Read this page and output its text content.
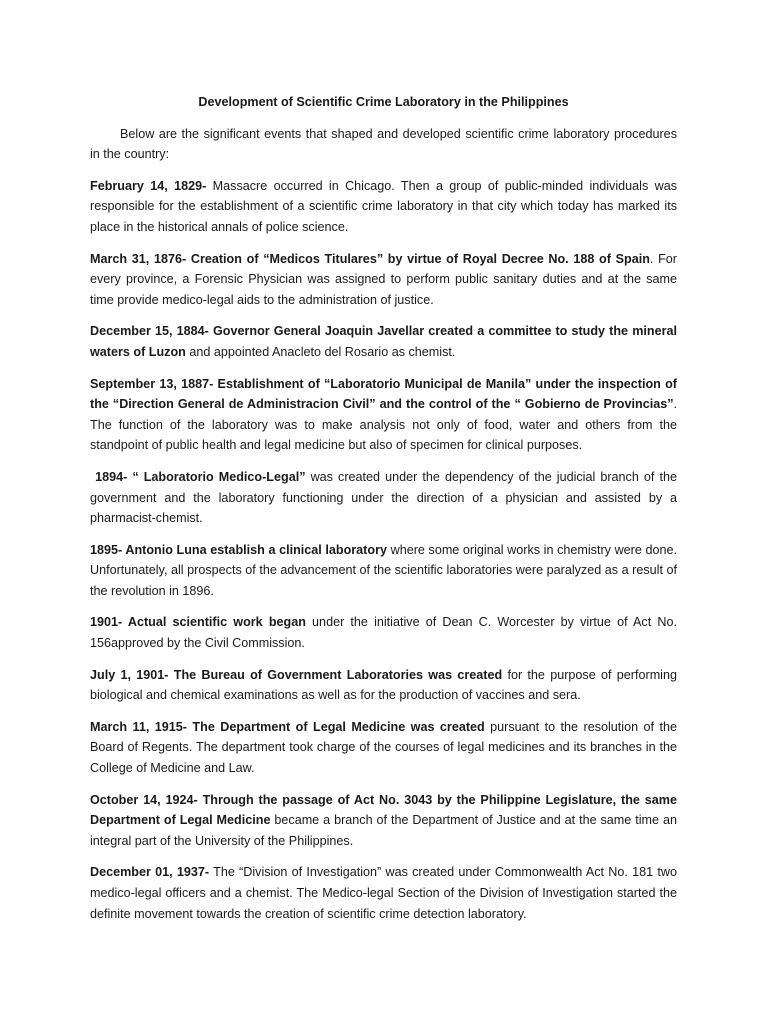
Development of Scientific Crime Laboratory in the Philippines

Below are the significant events that shaped and developed scientific crime laboratory procedures in the country:

February 14, 1829- Massacre occurred in Chicago. Then a group of public-minded individuals was responsible for the establishment of a scientific crime laboratory in that city which today has marked its place in the historical annals of police science.

March 31, 1876- Creation of “Medicos Titulares” by virtue of Royal Decree No. 188 of Spain. For every province, a Forensic Physician was assigned to perform public sanitary duties and at the same time provide medico-legal aids to the administration of justice.

December 15, 1884- Governor General Joaquin Javellar created a committee to study the mineral waters of Luzon and appointed Anacleto del Rosario as chemist.

September 13, 1887- Establishment of “Laboratorio Municipal de Manila” under the inspection of the “Direction General de Administracion Civil” and the control of the “ Gobierno de Provincias”. The function of the laboratory was to make analysis not only of food, water and others from the standpoint of public health and legal medicine but also of specimen for clinical purposes.

1894- “ Laboratorio Medico-Legal” was created under the dependency of the judicial branch of the government and the laboratory functioning under the direction of a physician and assisted by a pharmacist-chemist.

1895- Antonio Luna establish a clinical laboratory where some original works in chemistry were done. Unfortunately, all prospects of the advancement of the scientific laboratories were paralyzed as a result of the revolution in 1896.

1901- Actual scientific work began under the initiative of Dean C. Worcester by virtue of Act No. 156approved by the Civil Commission.

July 1, 1901- The Bureau of Government Laboratories was created for the purpose of performing biological and chemical examinations as well as for the production of vaccines and sera.

March 11, 1915- The Department of Legal Medicine was created pursuant to the resolution of the Board of Regents. The department took charge of the courses of legal medicines and its branches in the College of Medicine and Law.

October 14, 1924- Through the passage of Act No. 3043 by the Philippine Legislature, the same Department of Legal Medicine became a branch of the Department of Justice and at the same time an integral part of the University of the Philippines.

December 01, 1937- The “Division of Investigation” was created under Commonwealth Act No. 181 two medico-legal officers and a chemist. The Medico-legal Section of the Division of Investigation started the definite movement towards the creation of scientific crime detection laboratory.
